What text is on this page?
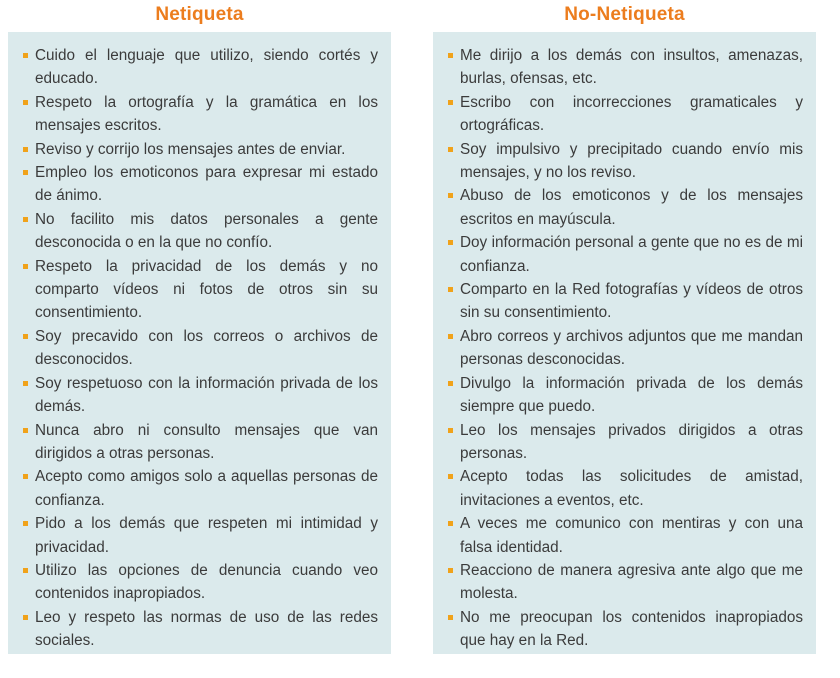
Netiqueta
Cuido el lenguaje que utilizo, siendo cortés y educado.
Respeto la ortografía y la gramática en los mensajes escritos.
Reviso y corrijo los mensajes antes de enviar.
Empleo los emoticonos para expresar mi estado de ánimo.
No facilito mis datos personales a gente desconocida o en la que no confío.
Respeto la privacidad de los demás y no comparto vídeos ni fotos de otros sin su consentimiento.
Soy precavido con los correos o archivos de desconocidos.
Soy respetuoso con la información privada de los demás.
Nunca abro ni consulto mensajes que van dirigidos a otras personas.
Acepto como amigos solo a aquellas personas de confianza.
Pido a los demás que respeten mi intimidad y privacidad.
Utilizo las opciones de denuncia cuando veo contenidos inapropiados.
Leo y respeto las normas de uso de las redes sociales.
No-Netiqueta
Me dirijo a los demás con insultos, amenazas, burlas, ofensas, etc.
Escribo con incorrecciones gramaticales y ortográficas.
Soy impulsivo y precipitado cuando envío mis mensajes, y no los reviso.
Abuso de los emoticonos y de los mensajes escritos en mayúscula.
Doy información personal a gente que no es de mi confianza.
Comparto en la Red fotografías y vídeos de otros sin su consentimiento.
Abro correos y archivos adjuntos que me mandan personas desconocidas.
Divulgo la información privada de los demás siempre que puedo.
Leo los mensajes privados dirigidos a otras personas.
Acepto todas las solicitudes de amistad, invitaciones a eventos, etc.
A veces me comunico con mentiras y con una falsa identidad.
Reacciono de manera agresiva ante algo que me molesta.
No me preocupan los contenidos inapropiados que hay en la Red.
